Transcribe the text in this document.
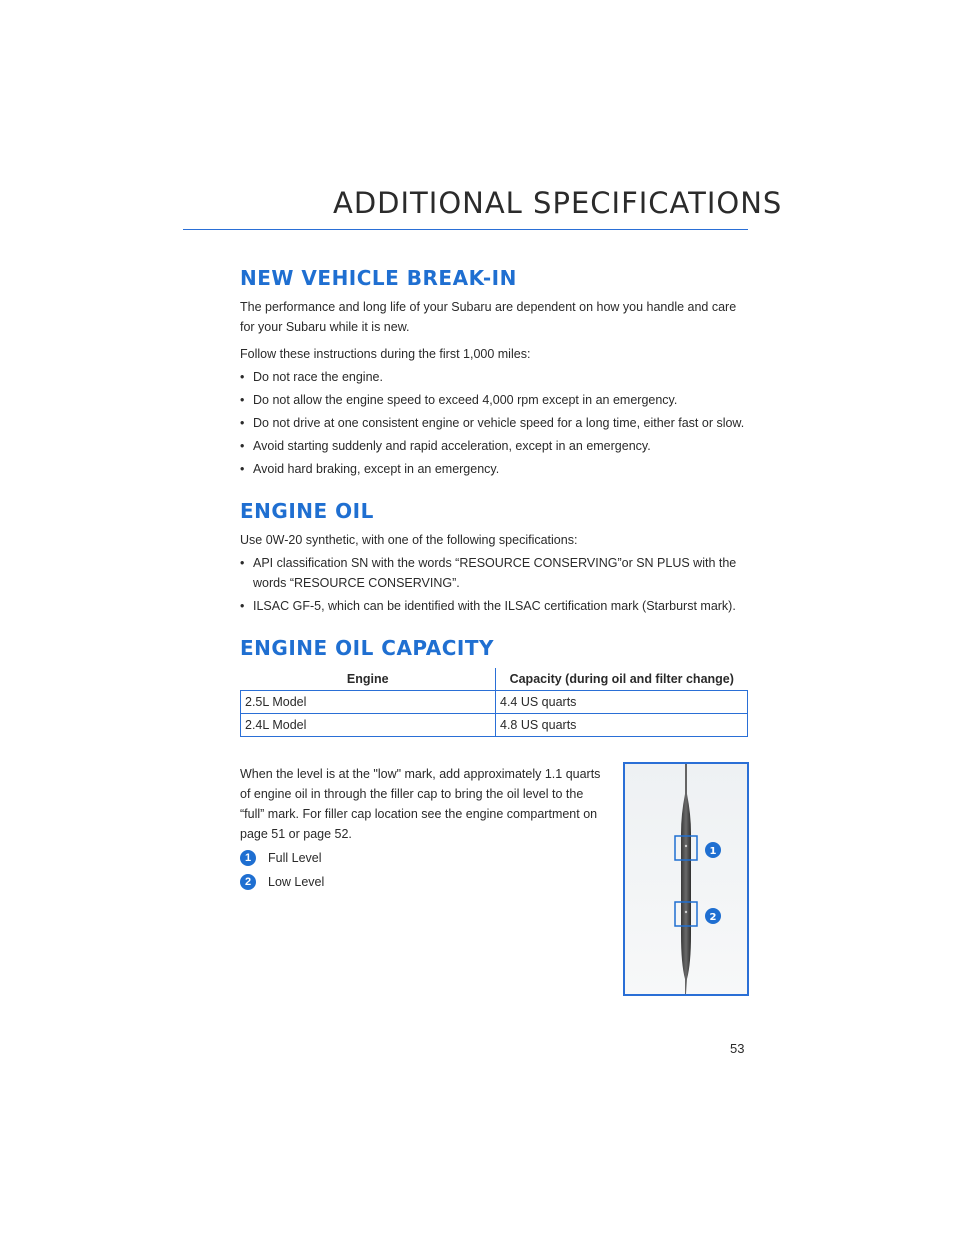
ADDITIONAL SPECIFICATIONS
NEW VEHICLE BREAK-IN

The performance and long life of your Subaru are dependent on how you handle and care for your Subaru while it is new.

Follow these instructions during the first 1,000 miles:

• Do not race the engine.
• Do not allow the engine speed to exceed 4,000 rpm except in an emergency.
• Do not drive at one consistent engine or vehicle speed for a long time, either fast or slow.
• Avoid starting suddenly and rapid acceleration, except in an emergency.
• Avoid hard braking, except in an emergency.
ENGINE OIL

Use 0W-20 synthetic, with one of the following specifications:

• API classification SN with the words “RESOURCE CONSERVING”or SN PLUS with the words “RESOURCE CONSERVING”.
• ILSAC GF-5, which can be identified with the ILSAC certification mark (Starburst mark).
ENGINE OIL CAPACITY
Engine	Capacity (during oil and filter change)
2.5L Model	4.4 US quarts
2.4L Model	4.8 US quarts

When the level is at the "low" mark, add approximately 1.1 quarts of engine oil in through the filler cap to bring the oil level to the “full” mark. For filler cap location see the engine compartment on page 51 or page 52.

1	Full Level
2	Low Level
1
2
53
